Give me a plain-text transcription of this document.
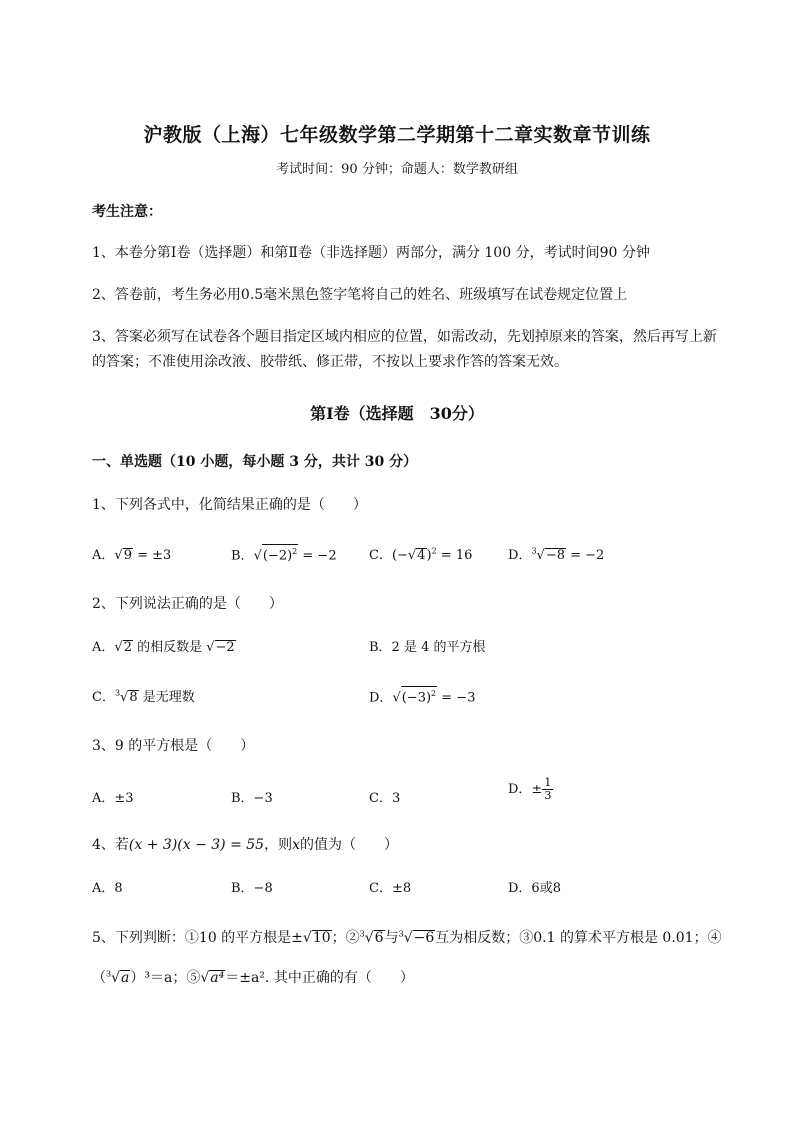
沪教版（上海）七年级数学第二学期第十二章实数章节训练
考试时间：90 分钟；命题人：数学教研组
考生注意：
1、本卷分第Ⅰ卷（选择题）和第Ⅱ卷（非选择题）两部分，满分 100 分，考试时间90 分钟
2、答卷前，考生务必用0.5毫米黑色签字笔将自己的姓名、班级填写在试卷规定位置上
3、答案必须写在试卷各个题目指定区域内相应的位置，如需改动，先划掉原来的答案，然后再写上新
的答案；不准使用涂改液、胶带纸、修正带，不按以上要求作答的答案无效。
第Ⅰ卷（选择题　30分）
一、单选题（10 小题，每小题 3 分，共计 30 分）
1、下列各式中，化简结果正确的是（　　）
A．√9 = ±3	B．$√(-2)^2 = -2$ C．$(-√4)^2 = 16$	D．$^3$√−8 = −2
2、下列说法正确的是（　　）
A．√2 的相反数是 √−2	B．2 是 4 的平方根
C．$^3$√8 是无理数	D．$√(-3)^2 = -3$
3、9 的平方根是（　　）
A．±3	B．−3	C．3
D．± $\frac{1}{3}$
4、若(x + 3)(x − 3) = 55，则x的值为（　　）
A．8	B．−8	C．±8	D．6或8
5、下列判断：①10 的平方根是±√10；②$^3$√6与$^3$√−6互为相反数；③0.1 的算术平方根是 0.01；④
（$^3$√a）³＝a；⑤√a⁴＝±a². 其中正确的有（　　）
